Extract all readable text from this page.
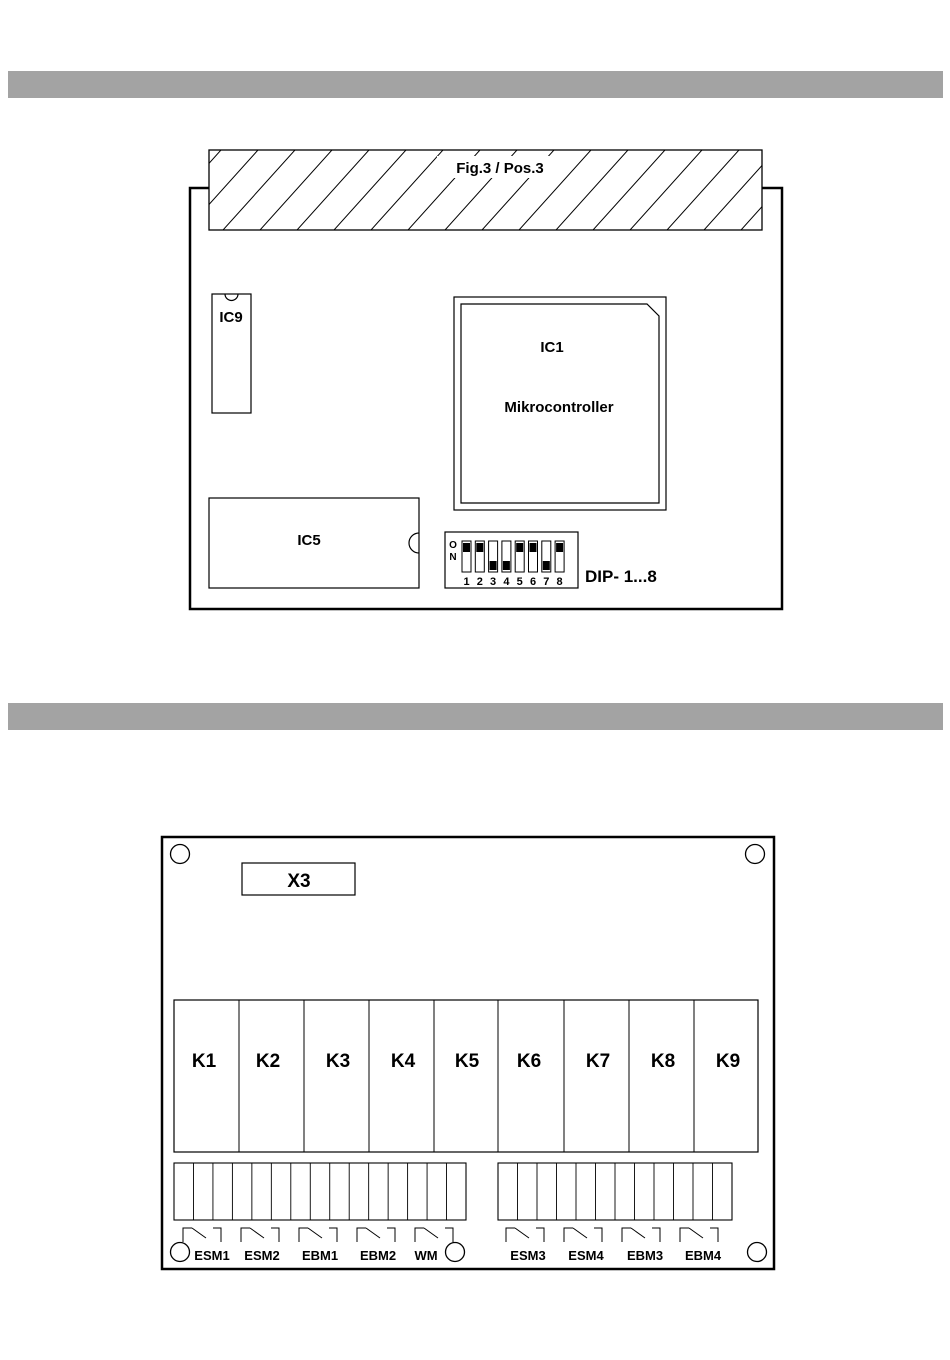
Fig.3 / Pos.3
IC9
IC1
Mikrocontroller
IC5	O
N
1 2 3 4 5 6 7 8 DIP- 1...8
X3
K1 K2 K3 K4 K5 K6 K7 K8 K9
ESM1 ESM2 EBM1 EBM2 WM	ESM3 ESM4 EBM3 EBM4
